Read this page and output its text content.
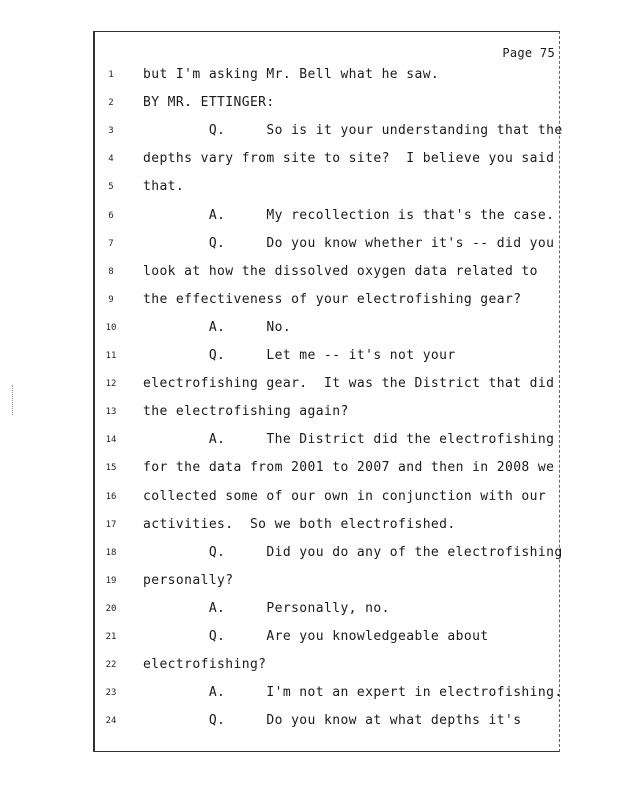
Page 75
1	but I'm asking Mr. Bell what he saw.
2	BY MR. ETTINGER:
3	Q.     So is it your understanding that the
4	depths vary from site to site?  I believe you said
5	that.
6	A.     My recollection is that's the case.
7	Q.     Do you know whether it's -- did you
8	look at how the dissolved oxygen data related to
9	the effectiveness of your electrofishing gear?
10	A.     No.
11	Q.     Let me -- it's not your
12	electrofishing gear.  It was the District that did
13	the electrofishing again?
14	A.     The District did the electrofishing
15	for the data from 2001 to 2007 and then in 2008 we
16	collected some of our own in conjunction with our
17	activities.  So we both electrofished.
18	Q.     Did you do any of the electrofishing
19	personally?
20	A.     Personally, no.
21	Q.     Are you knowledgeable about
22	electrofishing?
23	A.     I'm not an expert in electrofishing.
24	Q.     Do you know at what depths it's
